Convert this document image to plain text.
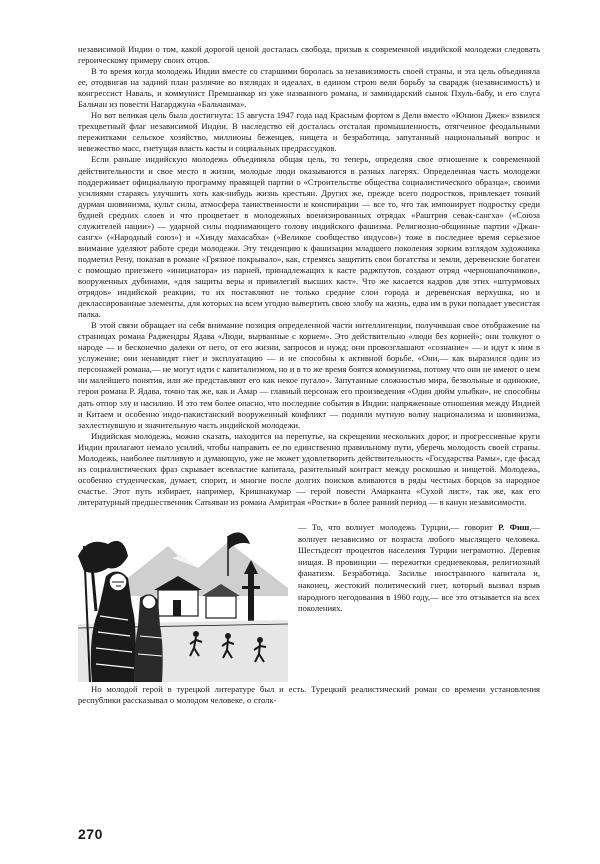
независимой Индии о том, какой дорогой ценой досталась свобода, призыв к современной индийской молодежи следовать героическому примеру своих отцов.

В то время когда молодежь Индии вместе со старшими боролась за независимость своей страны, и эта цель объединяла ее, отодвигая на задний план различие во взглядах и идеалах, в едином строю вели борьбу за сварадж (независимость) и конгрессист Наваль, и коммунист Премшанкар из уже названного романа, и заминдарский сынок Пхуль-бабу, и его слуга Бальчан из повести Нагарджуна «Бальчанма».

Но вот великая цель была достигнута: 15 августа 1947 года над Красным фортом в Дели вместо «Юнион Джек» взвился трехцветный флаг независимой Индии. В наследство ей досталась отсталая промышленность, отягченное феодальными пережитками сельское хозяйство, миллионы беженцев, нищета и безработица, запутанный национальный вопрос и невежество масс, гнетущая власть касты и социальных предрассудков.

Если раньше индийскую молодежь объединяла общая цель, то теперь, определяя свое отношение к современной действительности и свое место в жизни, молодые люди оказываются в разных лагерях. Определенная часть молодежи поддерживает официальную программу правящей партии о «Строительстве общества социалистического образца», своими усилиями стараясь улучшить хоть как-нибудь жизнь крестьян. Других же, прежде всего подростков, привлекает тонкий дурман шовинизма, культ силы, атмосфера таинственности и конспирации — все то, что так импонирует подростку среди будней средних слоев и что процветает в молодежных военизированных отрядах «Раштрия севак-сангха» («Союза служителей нации») — ударной силы поднимающего голову индийского фашизма. Религиозно-общинные партии «Джан-сангх» («Народный союз») и «Хинду махасабха» («Великое сообщество индусов») тоже в последнее время серьезное внимание уделяют работе среди молодежи. Эту тенденцию к фашизации младшего поколения зорким взглядом художника подметил Рену, показав в романе «Грязное покрывало», как, стремясь защитить свои богатства и земли, деревенские богатеи с помощью приезжего «инициатора» из парней, принадлежащих к касте раджпутов, создают отряд «черношапочников», вооруженных дубинами, «для защиты веры и привилегий высших каст». Что же касается кадров для этих «штурмовых отрядов» индийской реакции, то их поставляют не только средние слои города и деревенская верхушка, но и деклассированные элементы, для которых на всем угодно вывертить свою злобу на жизнь, едва им в руки попадает увесистая палка.

В этой связи обращает на себя внимание позиция определенной части интеллигенции, получившая свое отображение на страницах романа Раджендры Ядава «Люди, вырванные с корнем». Это действительно «люди без корней»; они толкуют о народе — и бесконечно далеки от него, от его жизни, запросов и нужд; они провозглашают «сознание» — и идут к ним в услужение; они ненавидят гнет и эксплуатацию — и не способны к активной борьбе. «Они,— как выразился один из персонажей романа,— не могут идти с капитализмом, но и в то же время боятся коммунизма, потому что они не имеют о нем ни малейшего понятия, или же представляют его как некое пугало». Запутанные сложностью мира, безвольные и одинокие, герои романа Р. Ядава, точно так же, как и Амар — главный персонаж его произведения «Один дюйм улыбки», не способны дать отпор злу и насилию. И это тем более опасно, что последние события в Индии: напряженные отношения между Индией и Китаем и особенно индо-пакистанский вооруженный конфликт — подняли мутную волну национализма и шовинизма, захлестнувшую и значительную часть индийской молодежи.

Индийская молодежь, можно сказать, находится на перепутье, на скрещении нескольких дорог, и прогрессивные круги Индии прилагают немало усилий, чтобы направить ее по единственно правильному пути, уберечь молодость своей страны. Молодежь, наиболее пытливую и думающую, уже не может удовлетворить действительность «Государства Рамы», где фасад из социалистических фраз скрывает всевластие капитала, разительный контраст между роскошью и нищетой. Молодежь, особенно студенческая, думает, спорит, и многие после долгих поисков вливаются в ряды честных борцов за народное счастье. Этот путь избирает, например, Кришнакумар — герой повести Амарканта «Сухой лист», так же, как его литературный предшественник Сатьяван из романа Амритрая «Ростки» в более ранний период — в канун независимости.

— То, что волнует молодежь Турции,— говорит Р. Фиш,— волнует независимо от возраста любого мыслящего человека. Шестьдесят процентов населения Турции неграмотно. Деревня нищая. В провинции — пережитки средневековья, религиозный фанатизм. Безработица. Засилье иностранного капитала и, наконец, жестокий политический гнет, который вызвал взрыв народного негодования в 1960 году,— все это отзывается на всех поколениях.

Но молодой герой в турецкой литературе был и есть. Турецкий реалистический роман со времени установления республики рассказывал о молодом человеке, о столк-

270
